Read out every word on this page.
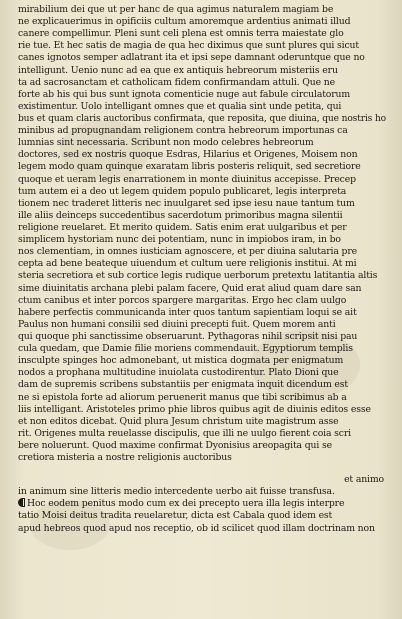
mirabilium dei que ut per hanc de qua agimus naturalem magiam be
ne explicauerimus in opificiis cultum amoremque ardentius animati illud
canere compellimur. Pleni sunt celi plena est omnis terra maiestate glo
rie tue. Et hec satis de magia de qua hec diximus que sunt plures qui sicut
canes ignotos semper adlatrant ita et ipsi sepe damnant oderuntque que no
intelligunt. Uenio nunc ad ea que ex antiquis hebreorum misteriis eru
ta ad sacrosanctam et catholicam fidem confirmandam attuli. Que ne
forte ab his qui bus sunt ignota comenticie nuge aut fabule circulatorum
existimentur. Uolo intelligant omnes que et qualia sint unde petita, qui
bus et quam claris auctoribus confirmata, que reposita, que diuina, que nostris ho
minibus ad propugnandam religionem contra hebreorum importunas ca
lumnias sint necessaria. Scribunt non modo celebres hebreorum
doctores, sed ex nostris quoque Esdras, Hilarius et Origenes, Moisem non
legem modo quam quinque exaratam libris posteris reliquit, sed secretiore
quoque et ueram legis enarrationem in monte diuinitus accepisse. Precep
tum autem ei a deo ut legem quidem populo publicaret, legis interpreta
tionem nec traderet litteris nec inuulgaret sed ipse iesu naue tantum tum
ille aliis deinceps succedentibus sacerdotum primoribus magna silentii
religione reuelaret. Et merito quidem. Satis enim erat uulgaribus et per
simplicem hystoriam nunc dei potentiam, nunc in impiobos iram, in bo
nos clementiam, in omnes iusticiam agnoscere, et per diuina salutaria pre
cepta ad bene beateque uiuendum et cultum uere religionis institui. At mi
steria secretiora et sub cortice legis rudique uerborum pretextu latitantia altis
sime diuinitatis archana plebi palam facere, Quid erat aliud quam dare san
ctum canibus et inter porcos spargere margaritas. Ergo hec clam uulgo
habere perfectis communicanda inter quos tantum sapientiam loqui se ait
Paulus non humani consilii sed diuini precepti fuit. Quem morem anti
qui quoque phi sanctissime obseruarunt. Pythagoras nihil scripsit nisi pau
cula quedam, que Damie filie moriens commendauit. Egyptiorum templis
insculpte spinges hoc admonebant, ut mistica dogmata per enigmatum
nodos a prophana multitudine inuiolata custodirentur. Plato Dioni que
dam de supremis scribens substantiis per enigmata inquit dicendum est
ne si epistola forte ad aliorum peruenerit manus que tibi scribimus ab a
liis intelligant. Aristoteles primo phie libros quibus agit de diuinis editos esse
et non editos dicebat. Quid plura Jesum christum uite magistrum asse
rit. Origenes multa reuelasse discipulis, que illi ne uulgo fierent coia scri
bere noluerunt. Quod maxime confirmat Dyonisius areopagita qui se
cretiora misteria a nostre religionis auctoribus
et animo
in animum sine litteris medio intercedente uerbo ait fuisse transfusa.
Hoc eodem penitus modo cum ex dei precepto uera illa legis interpre
tatio Moisi deitus tradita reuelaretur, dicta est Cabala quod idem est
apud hebreos quod apud nos receptio, ob id scilicet quod illam doctrinam non
